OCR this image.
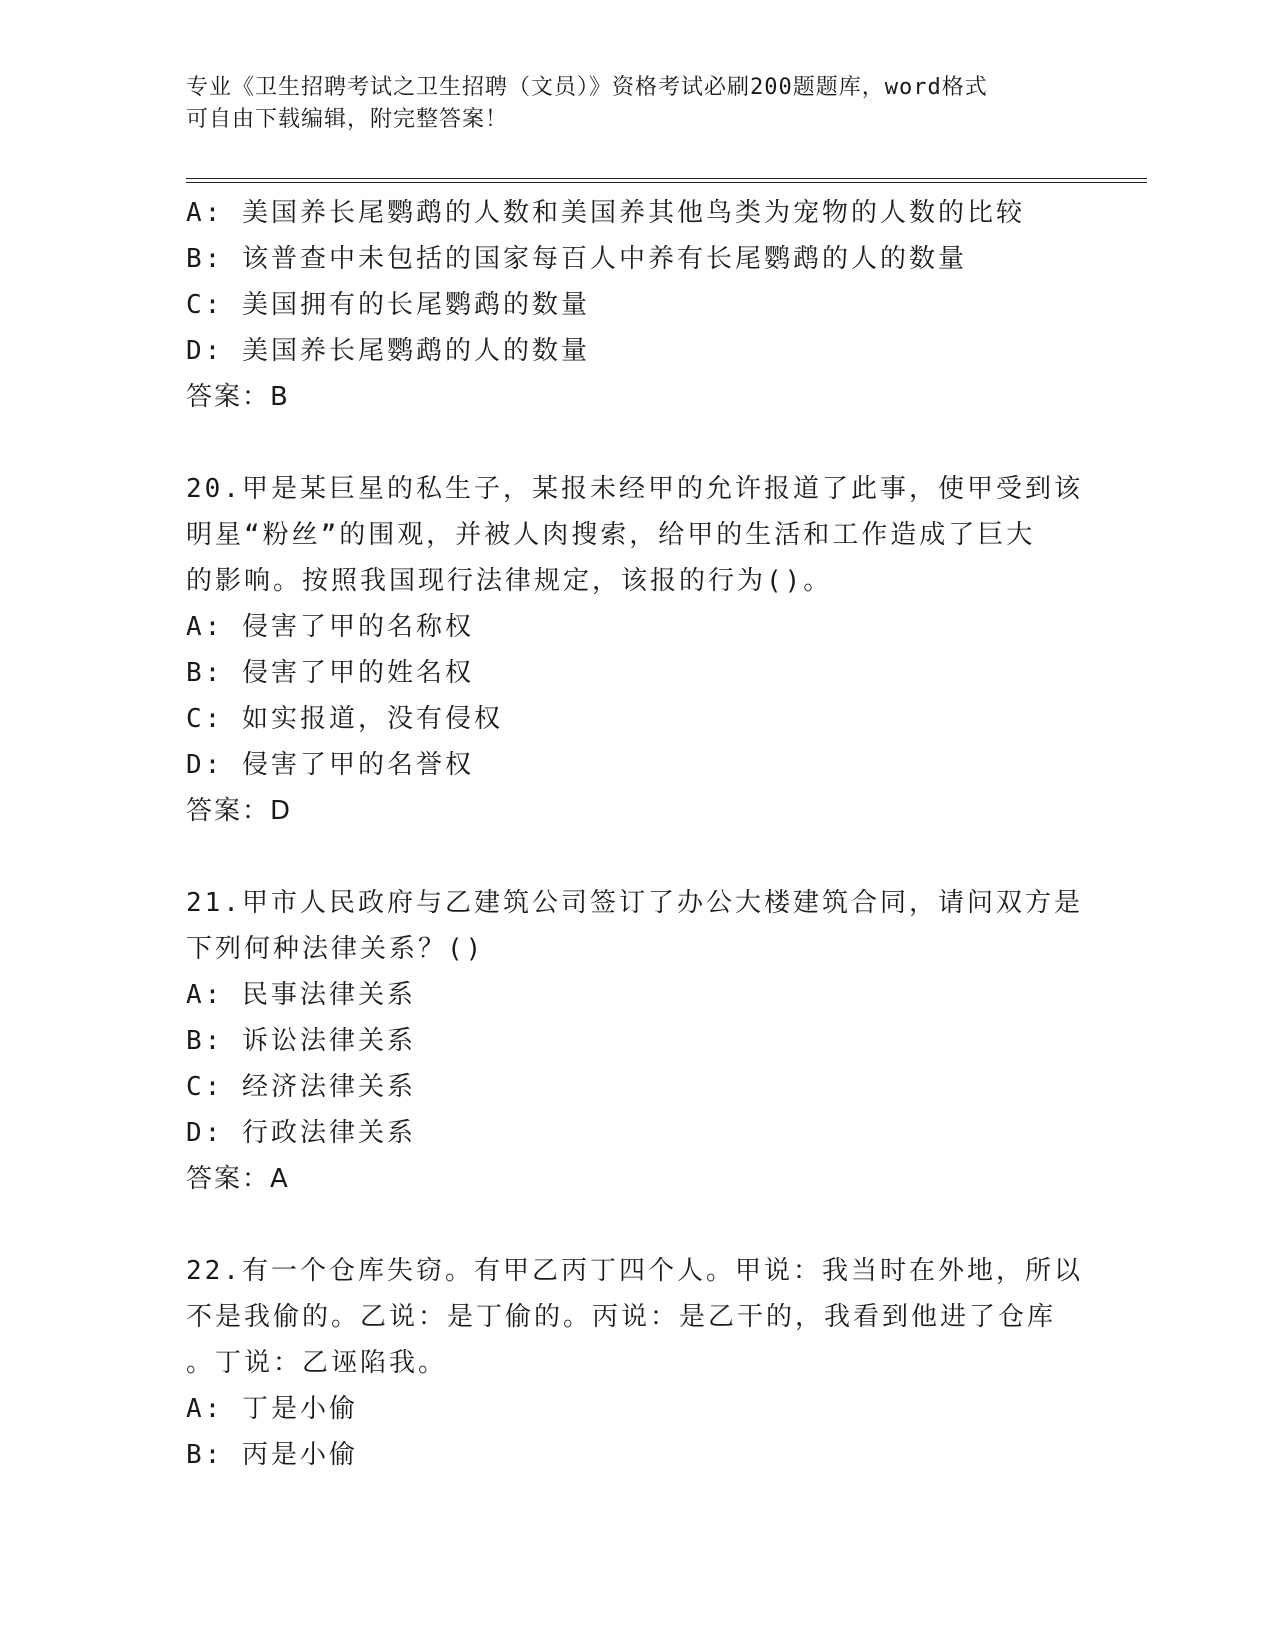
专业《卫生招聘考试之卫生招聘（文员）》资格考试必刷200题题库，word格式
可自由下载编辑，附完整答案！
A: 美国养长尾鹦鹉的人数和美国养其他鸟类为宠物的人数的比较
B: 该普查中未包括的国家每百人中养有长尾鹦鹉的人的数量
C: 美国拥有的长尾鹦鹉的数量
D: 美国养长尾鹦鹉的人的数量
答案：B
20.甲是某巨星的私生子，某报未经甲的允许报道了此事，使甲受到该
明星“粉丝”的围观，并被人肉搜索，给甲的生活和工作造成了巨大
的影响。按照我国现行法律规定，该报的行为()。
A: 侵害了甲的名称权
B: 侵害了甲的姓名权
C: 如实报道，没有侵权
D: 侵害了甲的名誉权
答案：D
21.甲市人民政府与乙建筑公司签订了办公大楼建筑合同，请问双方是
下列何种法律关系？()
A: 民事法律关系
B: 诉讼法律关系
C: 经济法律关系
D: 行政法律关系
答案：A
22.有一个仓库失窃。有甲乙丙丁四个人。甲说：我当时在外地，所以
不是我偷的。乙说：是丁偷的。丙说：是乙干的，我看到他进了仓库
。丁说：乙诬陷我。
A: 丁是小偷
B: 丙是小偷
